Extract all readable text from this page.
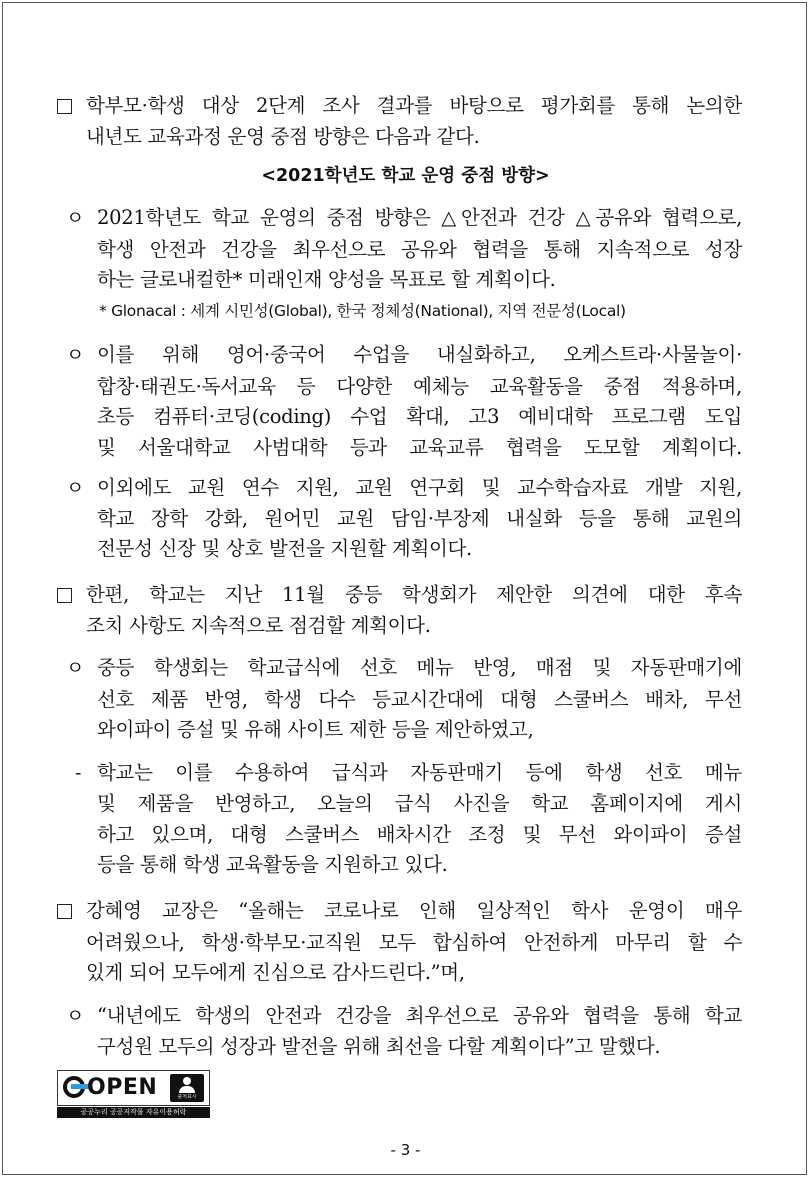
학부모·학생 대상 2단계 조사 결과를 바탕으로 평가회를 통해 논의한
내년도 교육과정 운영 중점 방향은 다음과 같다.
<2021학년도 학교 운영 중점 방향>
ㅇ 2021학년도 학교 운영의 중점 방향은 △안전과 건강 △공유와 협력으로,
학생 안전과 건강을 최우선으로 공유와 협력을 통해 지속적으로 성장
하는 글로내컬한* 미래인재 양성을 목표로 할 계획이다.
* Glonacal : 세계 시민성(Global), 한국 정체성(National), 지역 전문성(Local)
ㅇ 이를 위해 영어·중국어 수업을 내실화하고, 오케스트라·사물놀이·
합창·태권도·독서교육 등 다양한 예체능 교육활동을 중점 적용하며,
초등 컴퓨터·코딩(coding) 수업 확대, 고3 예비대학 프로그램 도입
및 서울대학교 사범대학 등과 교육교류 협력을 도모할 계획이다.
ㅇ 이외에도 교원 연수 지원, 교원 연구회 및 교수학습자료 개발 지원,
학교 장학 강화, 원어민 교원 담임·부장제 내실화 등을 통해 교원의
전문성 신장 및 상호 발전을 지원할 계획이다.
한편, 학교는 지난 11월 중등 학생회가 제안한 의견에 대한 후속
조치 사항도 지속적으로 점검할 계획이다.
ㅇ 중등 학생회는 학교급식에 선호 메뉴 반영, 매점 및 자동판매기에
선호 제품 반영, 학생 다수 등교시간대에 대형 스쿨버스 배차, 무선
와이파이 증설 및 유해 사이트 제한 등을 제안하였고,
- 학교는 이를 수용하여 급식과 자동판매기 등에 학생 선호 메뉴
및 제품을 반영하고, 오늘의 급식 사진을 학교 홈페이지에 게시
하고 있으며, 대형 스쿨버스 배차시간 조정 및 무선 와이파이 증설
등을 통해 학생 교육활동을 지원하고 있다.
강혜영 교장은 “올해는 코로나로 인해 일상적인 학사 운영이 매우
어려웠으나, 학생·학부모·교직원 모두 합심하여 안전하게 마무리 할 수
있게 되어 모두에게 진심으로 감사드린다.”며,
ㅇ “내년에도 학생의 안전과 건강을 최우선으로 공유와 협력을 통해 학교
구성원 모두의 성장과 발전을 위해 최선을 다할 계획이다”고 말했다.
OPEN	출처표시
공공누리 공공저작물 자유이용허락
- 3 -
